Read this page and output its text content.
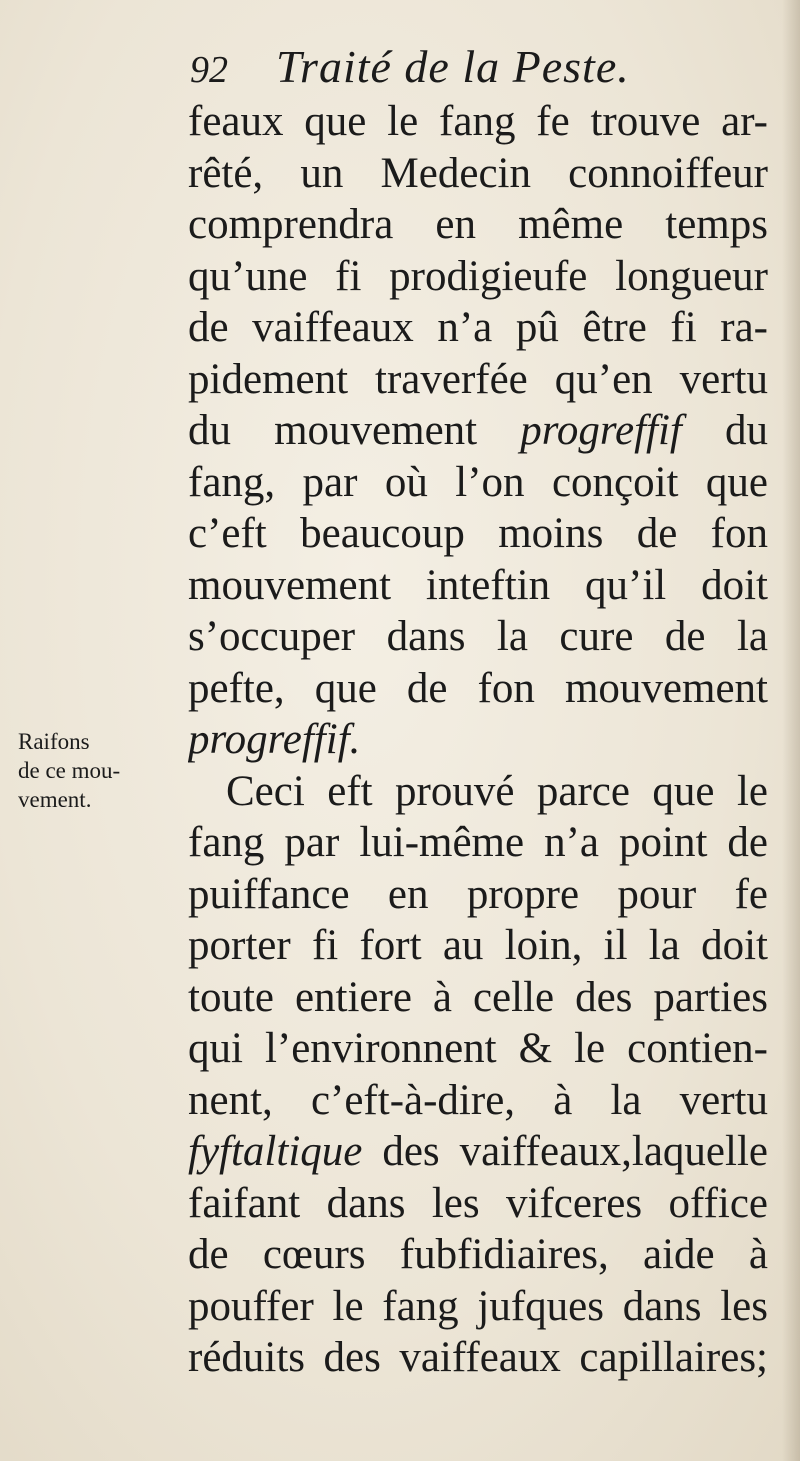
92 Traité de la Peste.
Raifons
de ce mou-
vement.
feaux que le fang fe trouve ar-
rêté, un Medecin connoiffeur
comprendra en même temps
qu’une fi prodigieufe longueur
de vaiffeaux n’a pû être fi ra-
pidement traverfée qu’en vertu
du mouvement progreffif du
fang, par où l’on conçoit que
c’eft beaucoup moins de fon
mouvement inteftin qu’il doit
s’occuper dans la cure de la
pefte, que de fon mouvement
progreffif.
Ceci eft prouvé parce que le
fang par lui-même n’a point de
puiffance en propre pour fe
porter fi fort au loin, il la doit
toute entiere à celle des parties
qui l’environnent & le contien-
nent, c’eft-à-dire, à la vertu
fyftaltique des vaiffeaux,laquelle
faifant dans les vifceres office
de cœurs fubfidiaires, aide à
pouffer le fang jufques dans les
réduits des vaiffeaux capillaires;
